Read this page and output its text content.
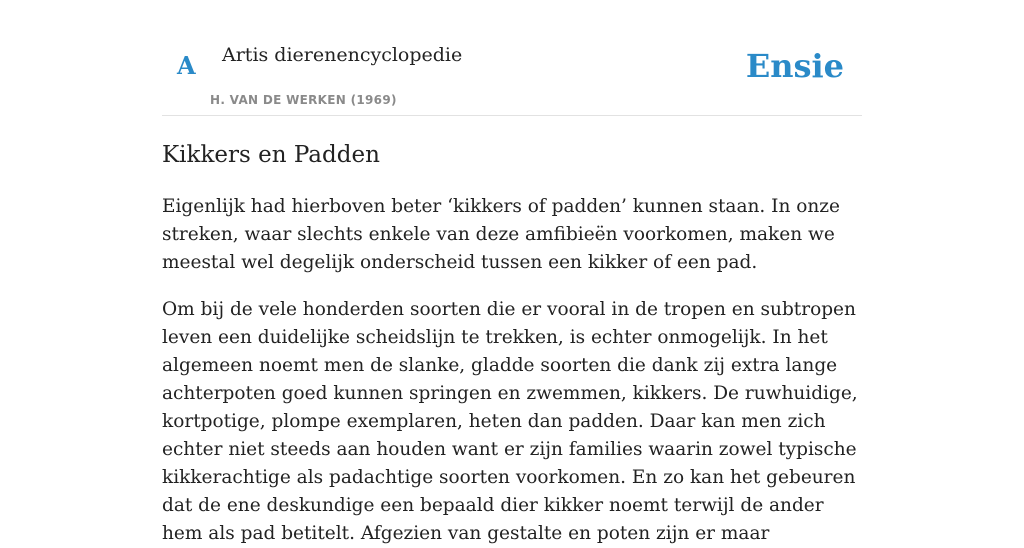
A Artis dierenencyclopedie
H. VAN DE WERKEN (1969)
Ensie
Kikkers en Padden

Eigenlijk had hierboven beter ‘kikkers of padden’ kunnen staan. In onze streken, waar slechts enkele van deze amfibieën voorkomen, maken we meestal wel degelijk onderscheid tussen een kikker of een pad.

Om bij de vele honderden soorten die er vooral in de tropen en subtropen leven een duidelijke scheidslijn te trekken, is echter onmogelijk. In het algemeen noemt men de slanke, gladde soorten die dank zij extra lange achterpoten goed kunnen springen en zwemmen, kikkers. De ruwhuidige, kortpotige, plompe exemplaren, heten dan padden. Daar kan men zich echter niet steeds aan houden want er zijn families waarin zowel typische kikkerachtige als padachtige soorten voorkomen. En zo kan het gebeuren dat de ene deskundige een bepaald dier kikker noemt terwijl de ander hem als pad betitelt. Afgezien van gestalte en poten zijn er maar
